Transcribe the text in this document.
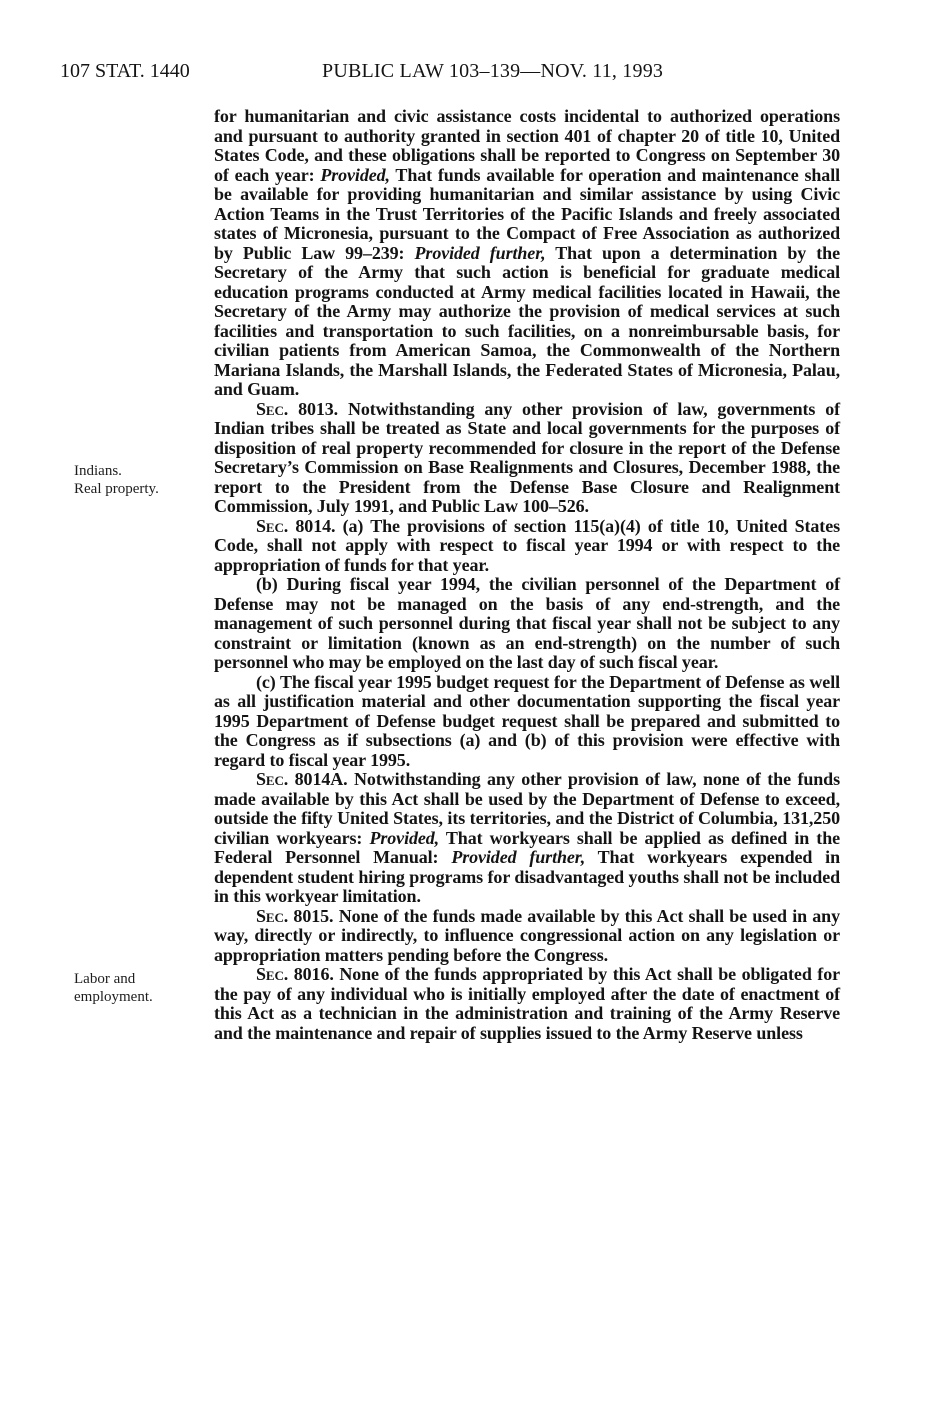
107 STAT. 1440	PUBLIC LAW 103–139—NOV. 11, 1993
Indians.
Real property.
Labor and
employment.

for humanitarian and civic assistance costs incidental to authorized operations and pursuant to authority granted in section 401 of chapter 20 of title 10, United States Code, and these obligations shall be reported to Congress on September 30 of each year: Provided, That funds available for operation and maintenance shall be available for providing humanitarian and similar assistance by using Civic Action Teams in the Trust Territories of the Pacific Islands and freely associated states of Micronesia, pursuant to the Compact of Free Association as authorized by Public Law 99–239: Provided further, That upon a determination by the Secretary of the Army that such action is beneficial for graduate medical education programs conducted at Army medical facilities located in Hawaii, the Secretary of the Army may authorize the provision of medical services at such facilities and transportation to such facilities, on a nonreimbursable basis, for civilian patients from American Samoa, the Commonwealth of the Northern Mariana Islands, the Marshall Islands, the Federated States of Micronesia, Palau, and Guam.

Sec. 8013. Notwithstanding any other provision of law, governments of Indian tribes shall be treated as State and local governments for the purposes of disposition of real property recommended for closure in the report of the Defense Secretary’s Commission on Base Realignments and Closures, December 1988, the report to the President from the Defense Base Closure and Realignment Commission, July 1991, and Public Law 100–526.

Sec. 8014. (a) The provisions of section 115(a)(4) of title 10, United States Code, shall not apply with respect to fiscal year 1994 or with respect to the appropriation of funds for that year.

(b) During fiscal year 1994, the civilian personnel of the Department of Defense may not be managed on the basis of any end-strength, and the management of such personnel during that fiscal year shall not be subject to any constraint or limitation (known as an end-strength) on the number of such personnel who may be employed on the last day of such fiscal year.

(c) The fiscal year 1995 budget request for the Department of Defense as well as all justification material and other documentation supporting the fiscal year 1995 Department of Defense budget request shall be prepared and submitted to the Congress as if subsections (a) and (b) of this provision were effective with regard to fiscal year 1995.

Sec. 8014A. Notwithstanding any other provision of law, none of the funds made available by this Act shall be used by the Department of Defense to exceed, outside the fifty United States, its territories, and the District of Columbia, 131,250 civilian workyears: Provided, That workyears shall be applied as defined in the Federal Personnel Manual: Provided further, That workyears expended in dependent student hiring programs for disadvantaged youths shall not be included in this workyear limitation.

Sec. 8015. None of the funds made available by this Act shall be used in any way, directly or indirectly, to influence congressional action on any legislation or appropriation matters pending before the Congress.

Sec. 8016. None of the funds appropriated by this Act shall be obligated for the pay of any individual who is initially employed after the date of enactment of this Act as a technician in the administration and training of the Army Reserve and the maintenance and repair of supplies issued to the Army Reserve unless
